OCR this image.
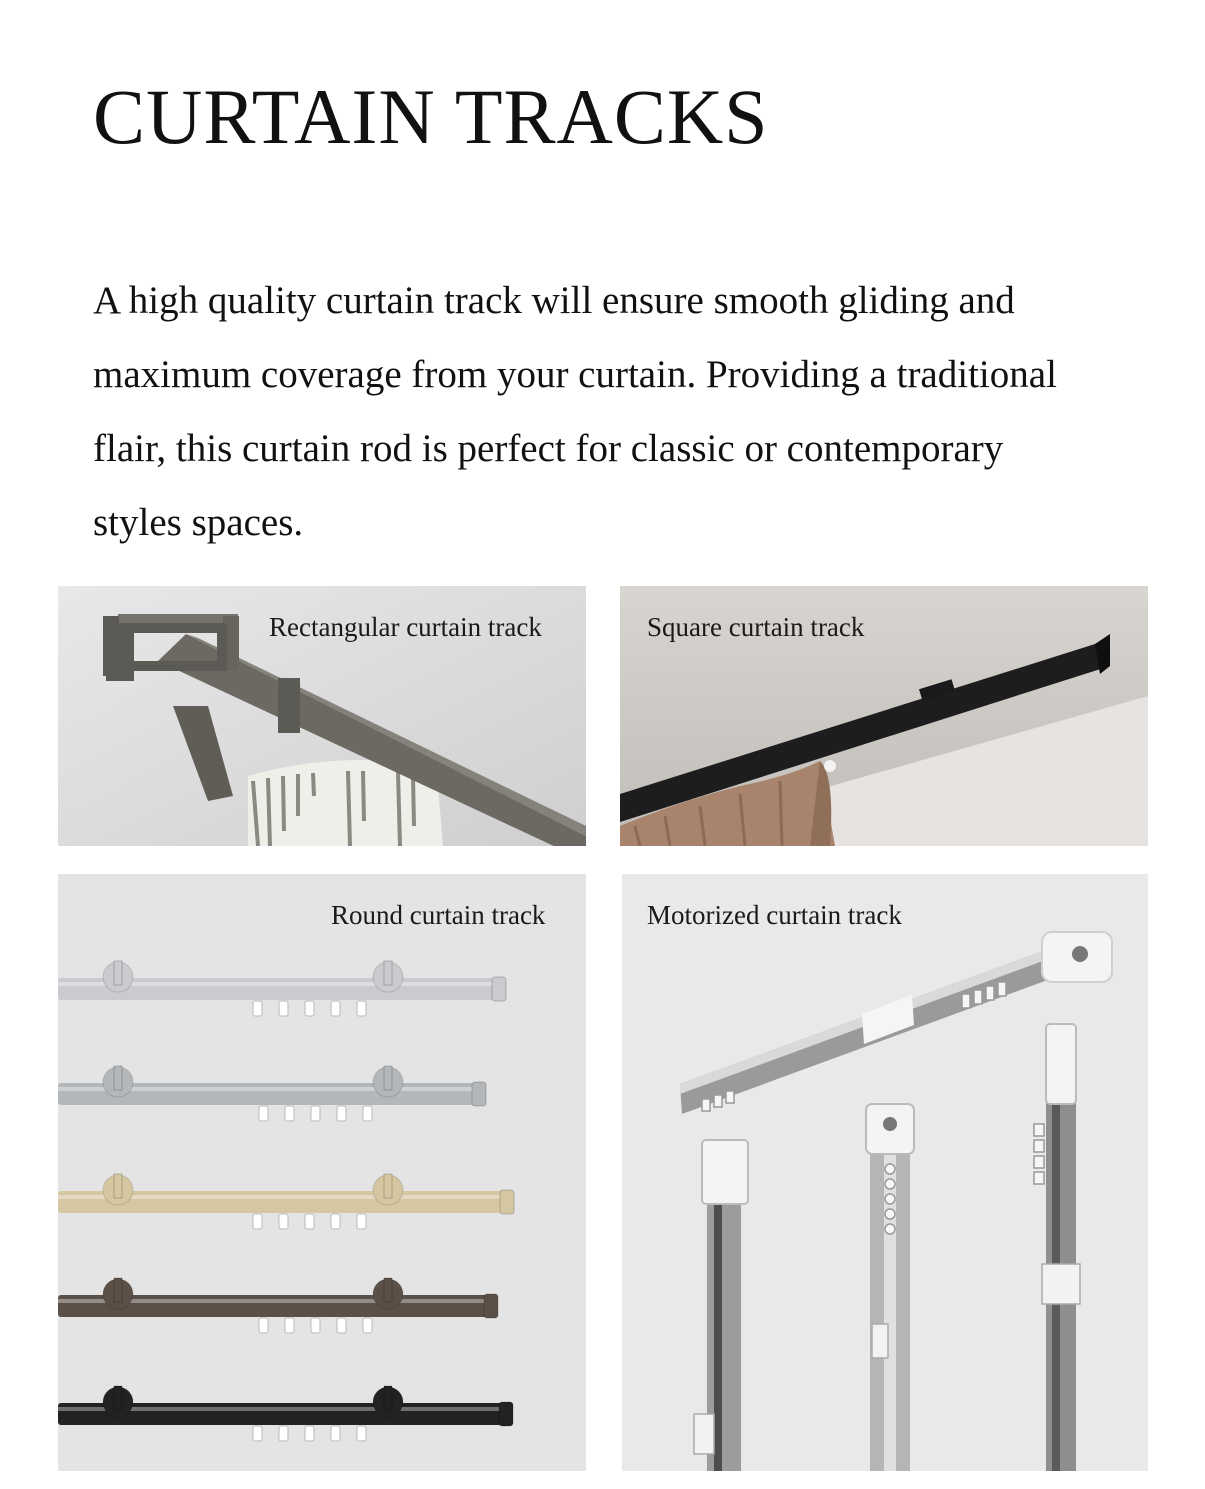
CURTAIN TRACKS

A high quality curtain track will ensure smooth gliding and maximum coverage from your curtain. Providing a traditional flair, this curtain rod is perfect for classic or contemporary styles spaces.

Rectangular curtain track	Square curtain track
Round curtain track	Motorized curtain track
